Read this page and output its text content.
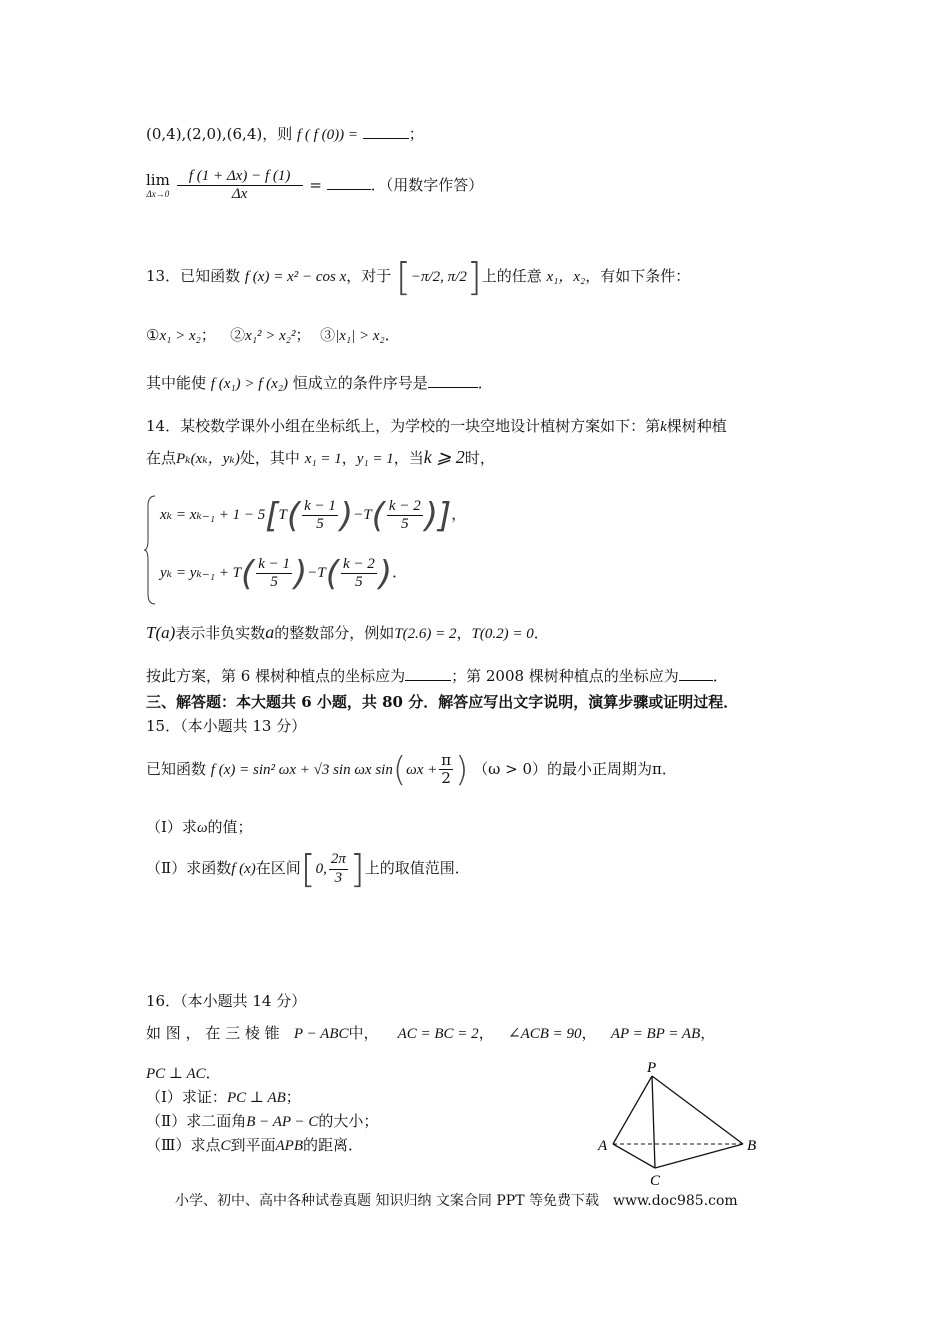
(0,4),(2,0),(6,4)，则 f ( f (0)) =	；
lim
Δx→0
$\frac{f (1 + \Delta x) - f (1)}{\Delta x}$ =	．（用数字作答）
13．已知函数 f (x) = x² − cos x，对于 [−π/2, π/2]上的任意 x₁，x₂，有如下条件：
①x₁ > x₂；   ②x₁² > x₂²；  ③|x₁| > x₂．
其中能使 f (x₁) > f (x₂) 恒成立的条件序号是	．
14．某校数学课外小组在坐标纸上，为学校的一块空地设计植树方案如下：第k棵树种植
在点Pₖ(xₖ，yₖ)处，其中 x₁ = 1，y₁ = 1，当k ⩾ 2时，
$x_k = x_{k-1} + 1 - 5[T( \frac{k - 1}{5} )-T( \frac{k - 2}{5}$ )]，
$y_k = y_{k-1} + T( \frac{k - 1}{5} )-T( \frac{k - 2}{5}$ )．
T(a)表示非负实数a的整数部分，例如T(2.6) = 2，T(0.2) = 0．
按此方案，第 6 棵树种植点的坐标应为	；第 2008 棵树种植点的坐标应为 ．
三、解答题：本大题共 6 小题，共 80 分．解答应写出文字说明，演算步骤或证明过程．
15．（本小题共 13 分）
已知函数 f (x) = sin² ωx + √3 sin ωx $\sin(\omega x + \frac{\pi}{2}$ ) （ω > 0）的最小正周期为π．
（Ⅰ）求ω的值；
（Ⅱ）求函数f (x)在区间[0, $\frac{2\pi}{3}$ ]上的取值范围．
16．（本小题共 14 分）
如 图 ， 在 三 棱 锥 P − ABC中， AC = BC = 2，   ∠ACB = 90，   AP = BP = AB，
PC ⊥ AC．
（Ⅰ）求证：PC ⊥ AB；
（Ⅱ）求二面角B − AP − C的大小；
（Ⅲ）求点C到平面APB的距离．
P
A	B
C
小学、初中、高中各种试卷真题 知识归纳 文案合同 PPT 等免费下载　www.doc985.com
